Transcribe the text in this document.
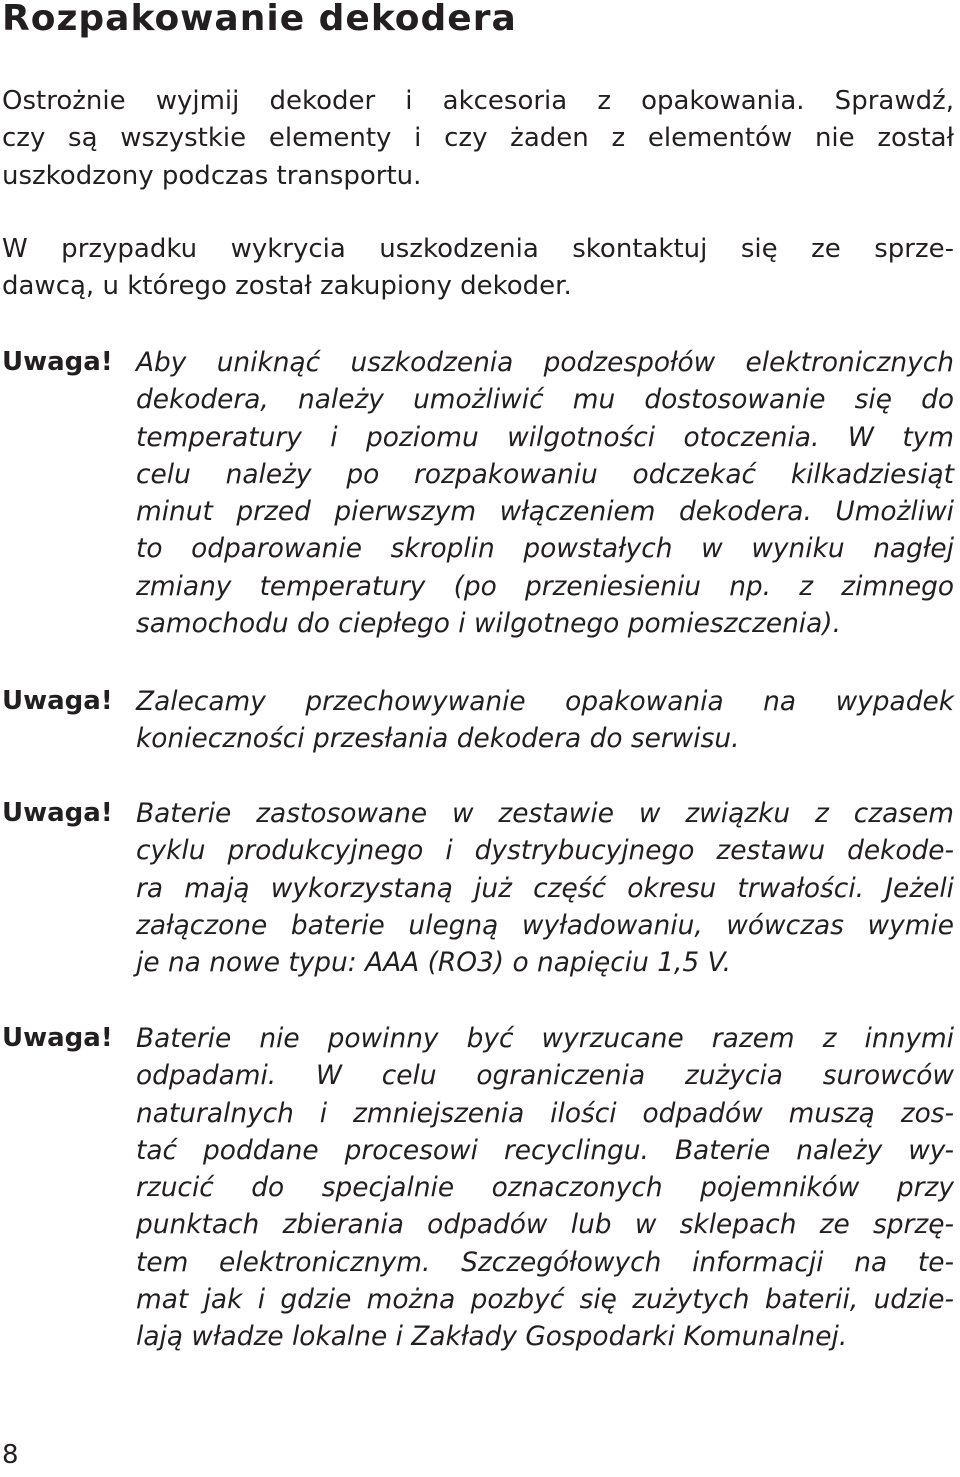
Rozpakowanie dekodera

Ostrożnie wyjmij dekoder i akcesoria z opakowania. Sprawdź,
czy są wszystkie elementy i czy żaden z elementów nie został
uszkodzony podczas transportu.

W przypadku wykrycia uszkodzenia skontaktuj się ze sprze-
dawcą, u którego został zakupiony dekoder.

Uwaga! Aby uniknąć uszkodzenia podzespołów elektronicznych
dekodera, należy umożliwić mu dostosowanie się do
temperatury i poziomu wilgotności otoczenia. W tym
celu należy po rozpakowaniu odczekać kilkadziesiąt
minut przed pierwszym włączeniem dekodera. Umożliwi
to odparowanie skroplin powstałych w wyniku nagłej
zmiany temperatury (po przeniesieniu np. z zimnego
samochodu do ciepłego i wilgotnego pomieszczenia).
Uwaga! Zalecamy przechowywanie opakowania na wypadek
konieczności przesłania dekodera do serwisu.
Uwaga! Baterie zastosowane w zestawie w związku z czasem
cyklu produkcyjnego i dystrybucyjnego zestawu dekode-
ra mają wykorzystaną już część okresu trwałości. Jeżeli
załączone baterie ulegną wyładowaniu, wówczas wymie
je na nowe typu: AAA (RO3) o napięciu 1,5 V.
Uwaga! Baterie nie powinny być wyrzucane razem z innymi
odpadami. W celu ograniczenia zużycia surowców
naturalnych i zmniejszenia ilości odpadów muszą zos-
tać poddane procesowi recyclingu. Baterie należy wy-
rzucić do specjalnie oznaczonych pojemników przy
punktach zbierania odpadów lub w sklepach ze sprzę-
tem elektronicznym. Szczegółowych informacji na te-
mat jak i gdzie można pozbyć się zużytych baterii, udzie-
lają władze lokalne i Zakłady Gospodarki Komunalnej.
8
